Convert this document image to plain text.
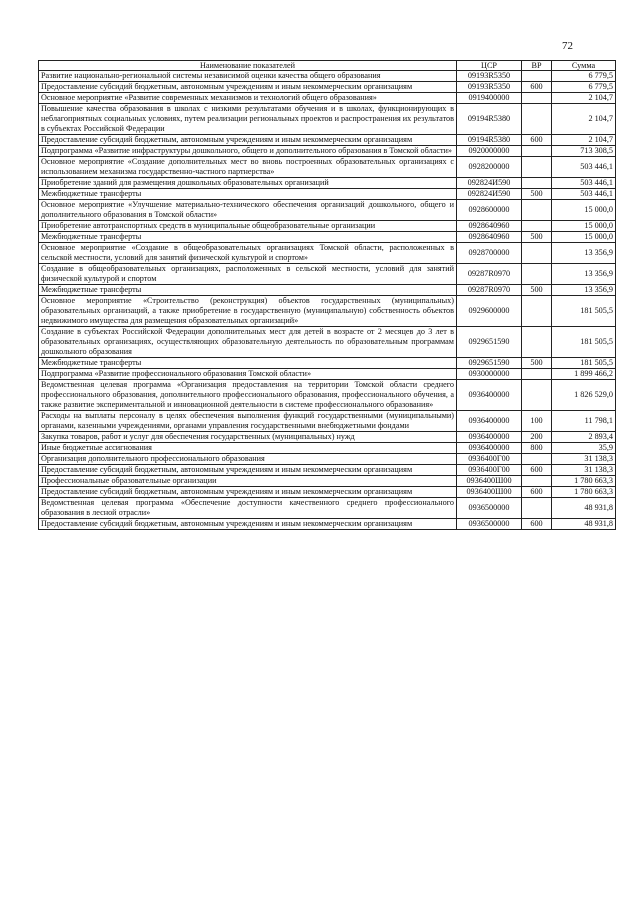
72
Наименование показателей	ЦСР	ВР	Сумма
Развитие национально-региональной системы независимой оценки качества общего образования	09193R5350		6 779,5
Предоставление субсидий бюджетным, автономным учреждениям и иным некоммерческим организациям	09193R5350	600	6 779,5
Основное мероприятие «Развитие современных механизмов и технологий общего образования»	0919400000		2 104,7
Повышение качества образования в школах с низкими результатами обучения и в школах, функционирующих в неблагоприятных социальных условиях, путем реализации региональных проектов и распространения их результатов в субъектах Российской Федерации	09194R5380		2 104,7
Предоставление субсидий бюджетным, автономным учреждениям и иным некоммерческим организациям	09194R5380	600	2 104,7
Подпрограмма «Развитие инфраструктуры дошкольного, общего и дополнительного образования в Томской области»	0920000000		713 308,5
Основное мероприятие «Создание дополнительных мест во вновь построенных образовательных организациях с использованием механизма государственно-частного партнерства»	0928200000		503 446,1
Приобретение зданий для размещения дошкольных образовательных организаций	092824И590		503 446,1
Межбюджетные трансферты	092824И590	500	503 446,1
Основное мероприятие «Улучшение материально-технического обеспечения организаций дошкольного, общего и дополнительного образования в Томской области»	0928600000		15 000,0
Приобретение автотранспортных средств в муниципальные общеобразовательные организации	0928640960		15 000,0
Межбюджетные трансферты	0928640960	500	15 000,0
Основное мероприятие «Создание в общеобразовательных организациях Томской области, расположенных в сельской местности, условий для занятий физической культурой и спортом»	0928700000		13 356,9
Создание в общеобразовательных организациях, расположенных в сельской местности, условий для занятий физической культурой и спортом	09287R0970		13 356,9
Межбюджетные трансферты	09287R0970	500	13 356,9
Основное мероприятие «Строительство (реконструкция) объектов государственных (муниципальных) образовательных организаций, а также приобретение в государственную (муниципальную) собственность объектов недвижимого имущества для размещения образовательных организаций»	0929600000		181 505,5
Создание в субъектах Российской Федерации дополнительных мест для детей в возрасте от 2 месяцев до 3 лет в образовательных организациях, осуществляющих образовательную деятельность по образовательным программам дошкольного образования	0929651590		181 505,5
Межбюджетные трансферты	0929651590	500	181 505,5
Подпрограмма «Развитие профессионального образования Томской области»	0930000000		1 899 466,2
Ведомственная целевая программа «Организация предоставления на территории Томской области среднего профессионального образования, дополнительного профессионального образования, профессионального обучения, а также развитие экспериментальной и инновационной деятельности в системе профессионального образования»	0936400000		1 826 529,0
Расходы на выплаты персоналу в целях обеспечения выполнения функций государственными (муниципальными) органами, казенными учреждениями, органами управления государственными внебюджетными фондами	0936400000	100	11 798,1
Закупка товаров, работ и услуг для обеспечения государственных (муниципальных) нужд	0936400000	200	2 893,4
Иные бюджетные ассигнования	0936400000	800	35,9
Организация дополнительного профессионального образования	0936400Г00		31 138,3
Предоставление субсидий бюджетным, автономным учреждениям и иным некоммерческим организациям	0936400Г00	600	31 138,3
Профессиональные образовательные организации	0936400Ш00		1 780 663,3
Предоставление субсидий бюджетным, автономным учреждениям и иным некоммерческим организациям	0936400Ш00	600	1 780 663,3
Ведомственная целевая программа «Обеспечение доступности качественного среднего профессионального образования в лесной отрасли»	0936500000		48 931,8
Предоставление субсидий бюджетным, автономным учреждениям и иным некоммерческим организациям	0936500000	600	48 931,8
